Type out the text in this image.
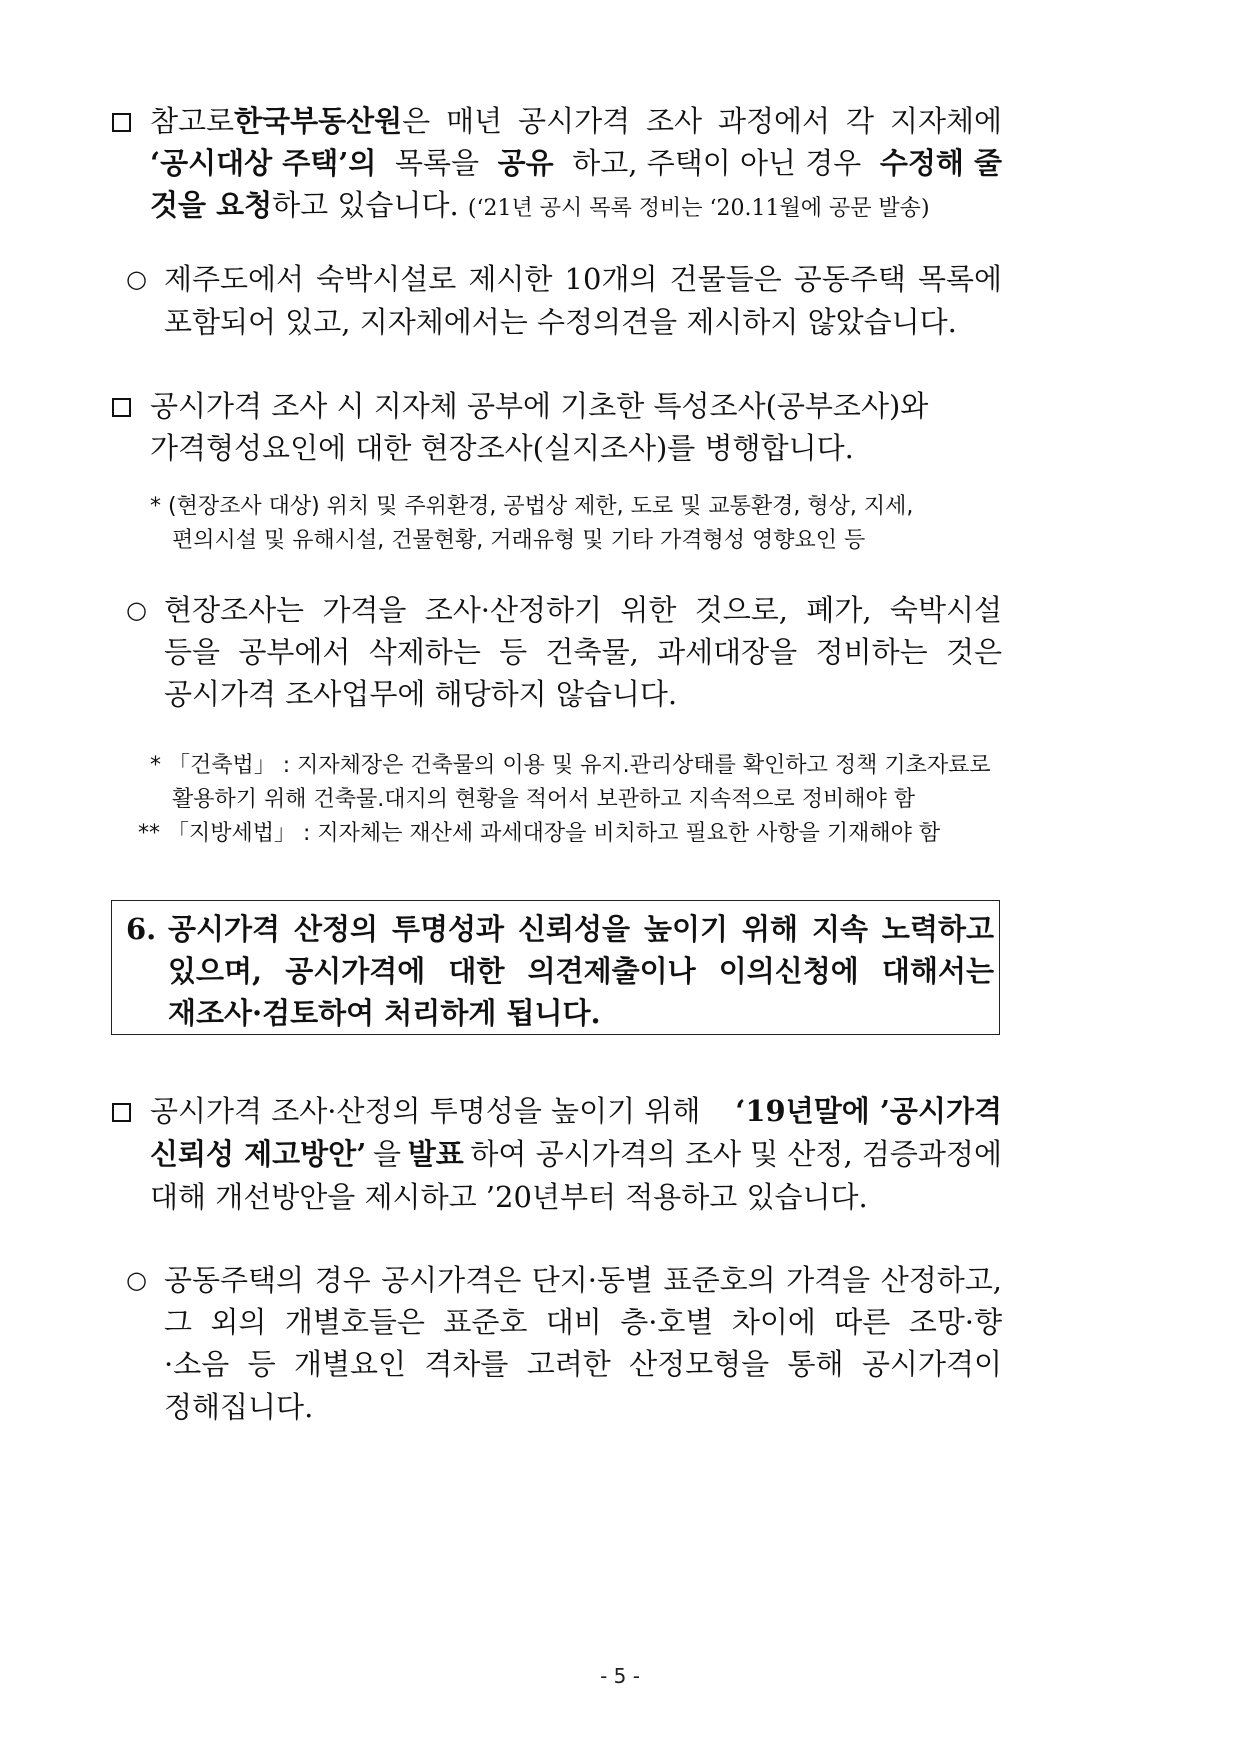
참고로 한국부동산원 은 매년 공시가격 조사 과정에서 각 지자체에
‘공시대상 주택’의 목록을 공유 하고, 주택이 아닌 경우 수정해 줄
것을 요청하고 있습니다. (‘21년 공시 목록 정비는 ‘20.11월에 공문 발송)
○ 제주도에서 숙박시설로 제시한 10개의 건물들은 공동주택 목록에
포함되어 있고, 지자체에서는 수정의견을 제시하지 않았습니다.
공시가격 조사 시 지자체 공부에 기초한 특성조사(공부조사)와
가격형성요인에 대한 현장조사(실지조사)를 병행합니다.
* (현장조사 대상) 위치 및 주위환경, 공법상 제한, 도로 및 교통환경, 형상, 지세,
편의시설 및 유해시설, 건물현황, 거래유형 및 기타 가격형성 영향요인 등
○ 현장조사는 가격을 조사·산정하기 위한 것으로, 폐가, 숙박시설
등을 공부에서 삭제하는 등 건축물, 과세대장을 정비하는 것은
공시가격 조사업무에 해당하지 않습니다.
* 「건축법」 : 지자체장은 건축물의 이용 및 유지.관리상태를 확인하고 정책 기초자료로
활용하기 위해 건축물.대지의 현황을 적어서 보관하고 지속적으로 정비해야 함
** 「지방세법」 : 지자체는 재산세 과세대장을 비치하고 필요한 사항을 기재해야 함
6. 공시가격 산정의 투명성과 신뢰성을 높이기 위해 지속 노력하고
있으며, 공시가격에 대한 의견제출이나 이의신청에 대해서는
재조사·검토하여 처리하게 됩니다.
공시가격 조사·산정의 투명성을 높이기 위해 ‘19년말에 ’공시가격
신뢰성 제고방안’ 을 발표 하여 공시가격의 조사 및 산정, 검증과정에
대해 개선방안을 제시하고 ’20년부터 적용하고 있습니다.
○ 공동주택의 경우 공시가격은 단지·동별 표준호의 가격을 산정하고,
그 외의 개별호들은 표준호 대비 층·호별 차이에 따른 조망·향
·소음 등 개별요인 격차를 고려한 산정모형을 통해 공시가격이
정해집니다.
- 5 -
